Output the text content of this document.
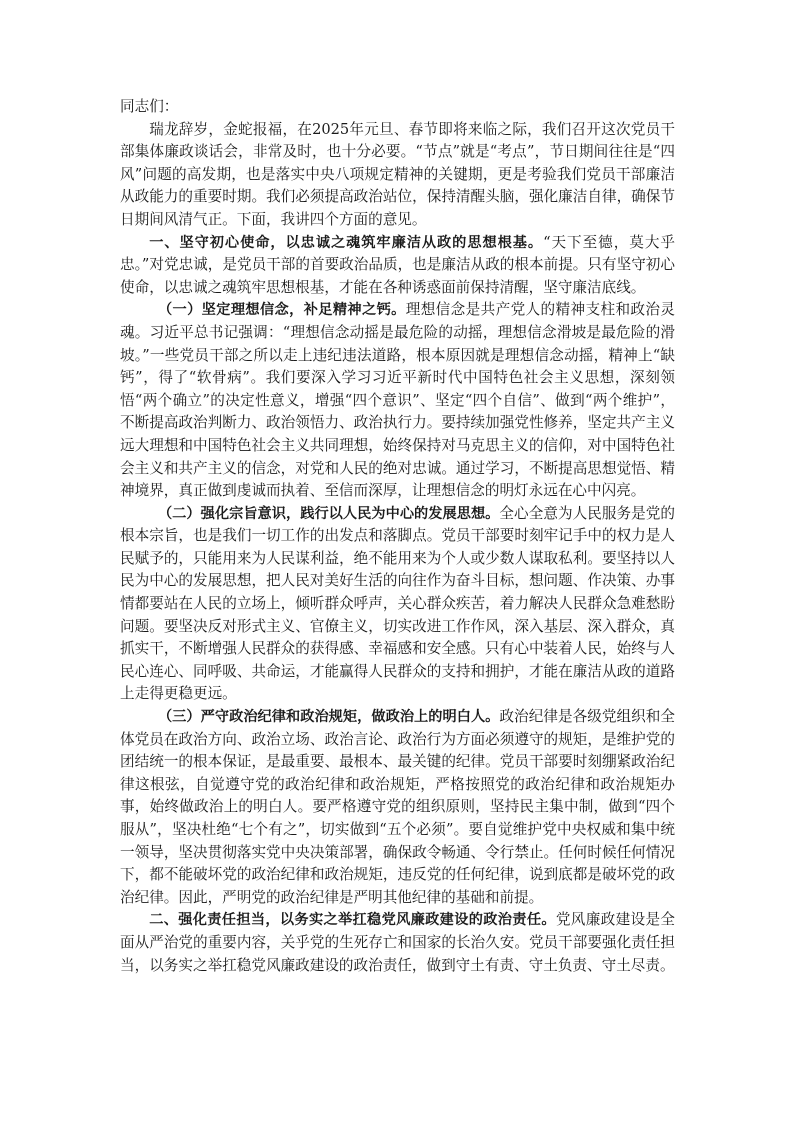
同志们：

瑞龙辞岁，金蛇报福，在2025年元旦、春节即将来临之际，我们召开这次党员干部集体廉政谈话会，非常及时，也十分必要。“节点”就是“考点”，节日期间往往是“四风”问题的高发期，也是落实中央八项规定精神的关键期，更是考验我们党员干部廉洁从政能力的重要时期。我们必须提高政治站位，保持清醒头脑，强化廉洁自律，确保节日期间风清气正。下面，我讲四个方面的意见。

一、坚守初心使命，以忠诚之魂筑牢廉洁从政的思想根基。“天下至德，莫大乎忠。”对党忠诚，是党员干部的首要政治品质，也是廉洁从政的根本前提。只有坚守初心使命，以忠诚之魂筑牢思想根基，才能在各种诱惑面前保持清醒，坚守廉洁底线。

（一）坚定理想信念，补足精神之钙。理想信念是共产党人的精神支柱和政治灵魂。习近平总书记强调：“理想信念动摇是最危险的动摇，理想信念滑坡是最危险的滑坡。”一些党员干部之所以走上违纪违法道路，根本原因就是理想信念动摇，精神上“缺钙”，得了“软骨病”。我们要深入学习习近平新时代中国特色社会主义思想，深刻领悟“两个确立”的决定性意义，增强“四个意识”、坚定“四个自信”、做到“两个维护”，不断提高政治判断力、政治领悟力、政治执行力。要持续加强党性修养，坚定共产主义远大理想和中国特色社会主义共同理想，始终保持对马克思主义的信仰，对中国特色社会主义和共产主义的信念，对党和人民的绝对忠诚。通过学习，不断提高思想觉悟、精神境界，真正做到虔诚而执着、至信而深厚，让理想信念的明灯永远在心中闪亮。

（二）强化宗旨意识，践行以人民为中心的发展思想。全心全意为人民服务是党的根本宗旨，也是我们一切工作的出发点和落脚点。党员干部要时刻牢记手中的权力是人民赋予的，只能用来为人民谋利益，绝不能用来为个人或少数人谋取私利。要坚持以人民为中心的发展思想，把人民对美好生活的向往作为奋斗目标，想问题、作决策、办事情都要站在人民的立场上，倾听群众呼声，关心群众疾苦，着力解决人民群众急难愁盼问题。要坚决反对形式主义、官僚主义，切实改进工作作风，深入基层、深入群众，真抓实干，不断增强人民群众的获得感、幸福感和安全感。只有心中装着人民，始终与人民心连心、同呼吸、共命运，才能赢得人民群众的支持和拥护，才能在廉洁从政的道路上走得更稳更远。

（三）严守政治纪律和政治规矩，做政治上的明白人。政治纪律是各级党组织和全体党员在政治方向、政治立场、政治言论、政治行为方面必须遵守的规矩，是维护党的团结统一的根本保证，是最重要、最根本、最关键的纪律。党员干部要时刻绷紧政治纪律这根弦，自觉遵守党的政治纪律和政治规矩，严格按照党的政治纪律和政治规矩办事，始终做政治上的明白人。要严格遵守党的组织原则，坚持民主集中制，做到“四个服从”，坚决杜绝“七个有之”，切实做到“五个必须”。要自觉维护党中央权威和集中统一领导，坚决贯彻落实党中央决策部署，确保政令畅通、令行禁止。任何时候任何情况下，都不能破坏党的政治纪律和政治规矩，违反党的任何纪律，说到底都是破坏党的政治纪律。因此，严明党的政治纪律是严明其他纪律的基础和前提。

二、强化责任担当，以务实之举扛稳党风廉政建设的政治责任。党风廉政建设是全面从严治党的重要内容，关乎党的生死存亡和国家的长治久安。党员干部要强化责任担当，以务实之举扛稳党风廉政建设的政治责任，做到守土有责、守土负责、守土尽责。
